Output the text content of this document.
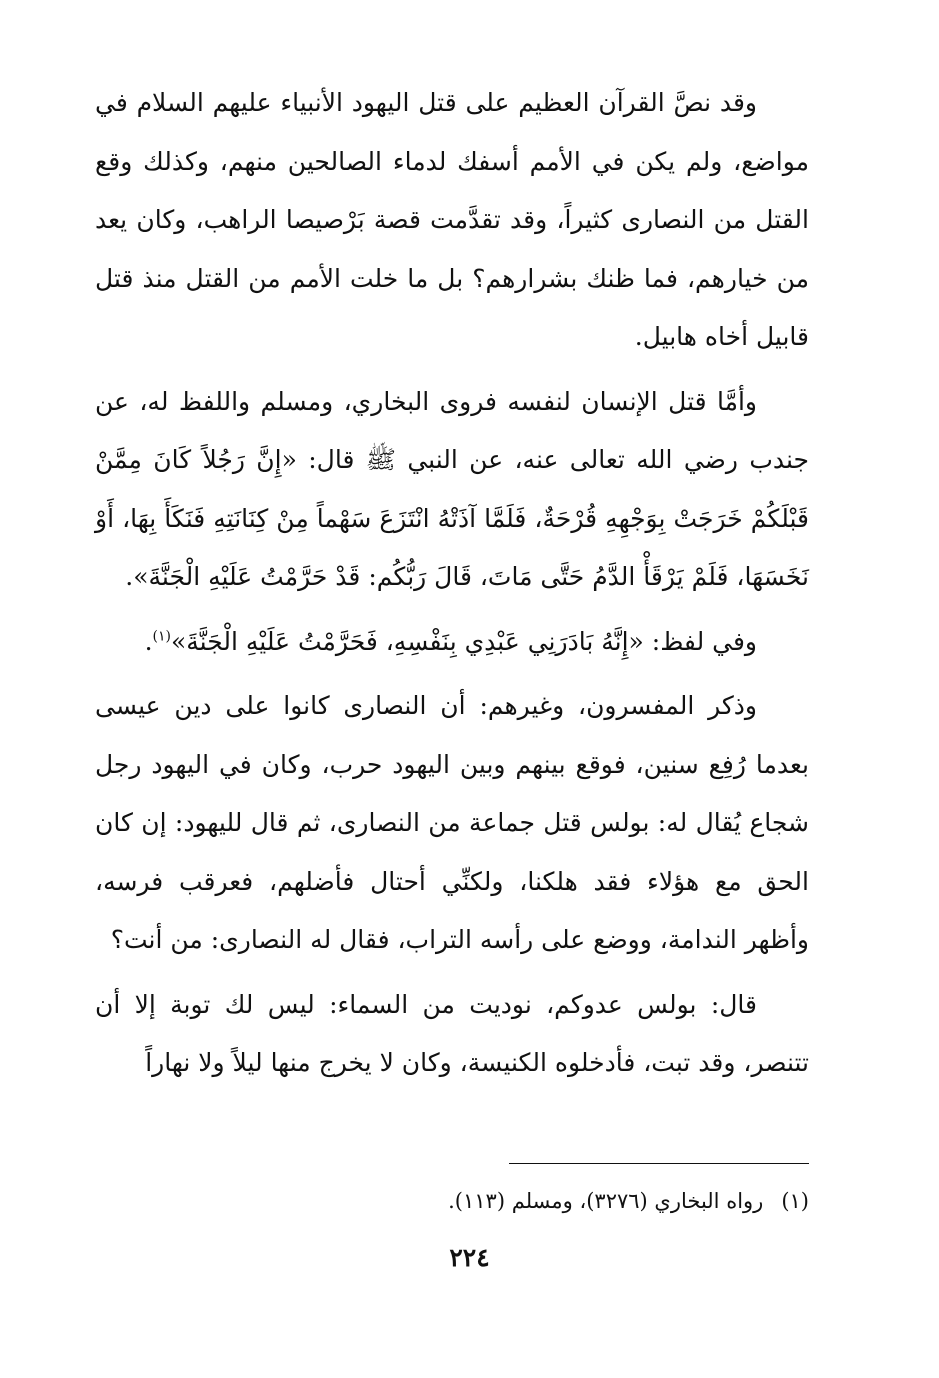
وقد نصَّ القرآن العظيم على قتل اليهود الأنبياء عليهم السلام في مواضع، ولم يكن في الأمم أسفك لدماء الصالحين منهم، وكذلك وقع القتل من النصارى كثيراً، وقد تقدَّمت قصة بَرْصيصا الراهب، وكان يعد من خيارهم، فما ظنك بشرارهم؟ بل ما خلت الأمم من القتل منذ قتل قابيل أخاه هابيل.

وأمَّا قتل الإنسان لنفسه فروى البخاري، ومسلم واللفظ له، عن جندب رضي الله تعالى عنه، عن النبي ﷺ قال: «إِنَّ رَجُلاً كَانَ مِمَّنْ قَبْلَكُمْ خَرَجَتْ بِوَجْهِهِ قُرْحَةٌ، فَلَمَّا آذَتْهُ انْتَزَعَ سَهْماً مِنْ كِنَانَتِهِ فَنَكَأَ بِهَا، أَوْ نَخَسَهَا، فَلَمْ يَرْقَأْ الدَّمُ حَتَّى مَاتَ، قَالَ رَبُّكُم: قَدْ حَرَّمْتُ عَلَيْهِ الْجَنَّةَ».

وفي لفظ: «إِنَّهُ بَادَرَنِي عَبْدِي بِنَفْسِهِ، فَحَرَّمْتُ عَلَيْهِ الْجَنَّةَ»$^{(١)}$.

وذكر المفسرون، وغيرهم: أن النصارى كانوا على دين عيسى بعدما رُفِع سنين، فوقع بينهم وبين اليهود حرب، وكان في اليهود رجل شجاع يُقال له: بولس قتل جماعة من النصارى، ثم قال لليهود: إن كان الحق مع هؤلاء فقد هلكنا، ولكنِّي أحتال فأضلهم، فعرقب فرسه، وأظهر الندامة، ووضع على رأسه التراب، فقال له النصارى: من أنت؟

قال: بولس عدوكم، نوديت من السماء: ليس لك توبة إلا أن تتنصر، وقد تبت، فأدخلوه الكنيسة، وكان لا يخرج منها ليلاً ولا نهاراً

(١)رواه البخاري (٣٢٧٦)، ومسلم (١١٣).
٢٢٤
